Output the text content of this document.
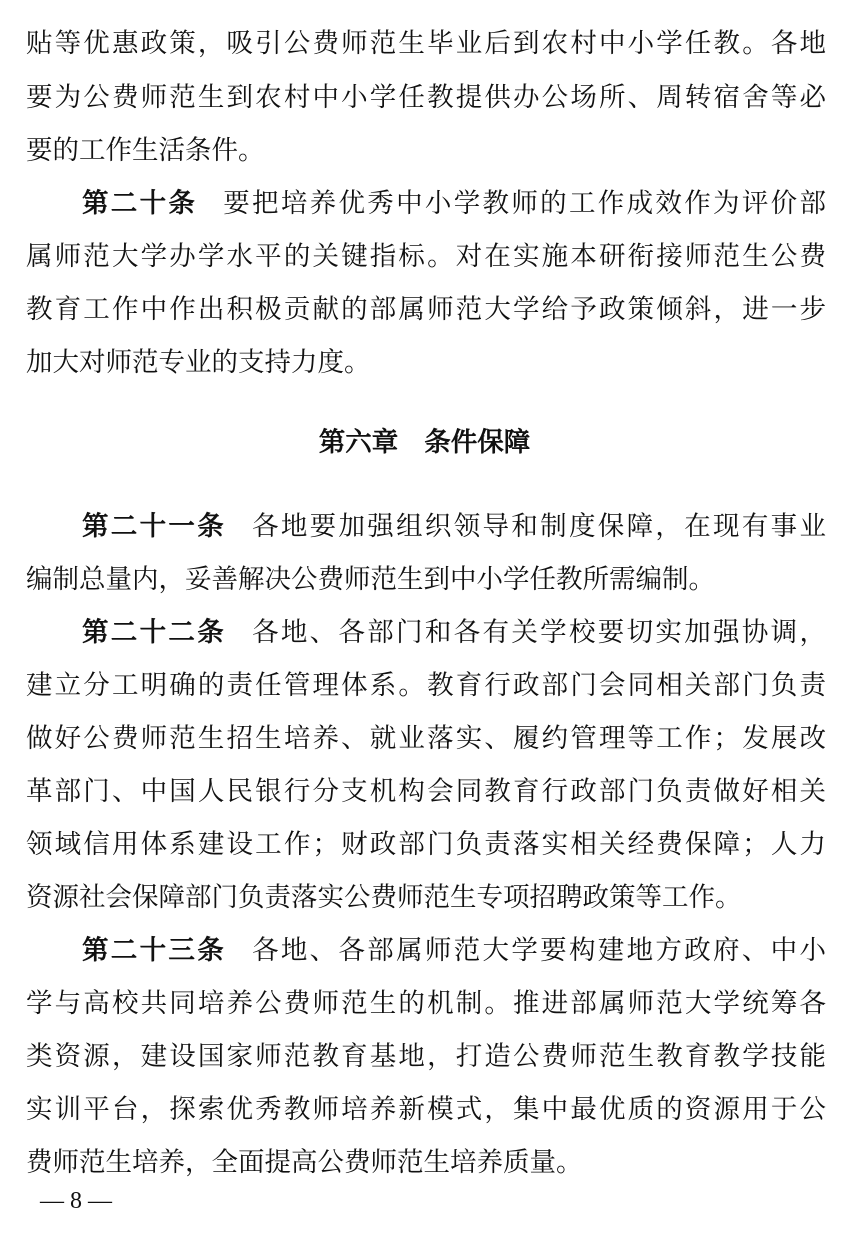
贴等优惠政策，吸引公费师范生毕业后到农村中小学任教。各地
要为公费师范生到农村中小学任教提供办公场所、周转宿舍等必
要的工作生活条件。
第二十条 要把培养优秀中小学教师的工作成效作为评价部
属师范大学办学水平的关键指标。对在实施本研衔接师范生公费
教育工作中作出积极贡献的部属师范大学给予政策倾斜，进一步
加大对师范专业的支持力度。
第六章 条件保障
第二十一条 各地要加强组织领导和制度保障，在现有事业
编制总量内，妥善解决公费师范生到中小学任教所需编制。
第二十二条 各地、各部门和各有关学校要切实加强协调，
建立分工明确的责任管理体系。教育行政部门会同相关部门负责
做好公费师范生招生培养、就业落实、履约管理等工作；发展改
革部门、中国人民银行分支机构会同教育行政部门负责做好相关
领域信用体系建设工作；财政部门负责落实相关经费保障；人力
资源社会保障部门负责落实公费师范生专项招聘政策等工作。
第二十三条 各地、各部属师范大学要构建地方政府、中小
学与高校共同培养公费师范生的机制。推进部属师范大学统筹各
类资源，建设国家师范教育基地，打造公费师范生教育教学技能
实训平台，探索优秀教师培养新模式，集中最优质的资源用于公
费师范生培养，全面提高公费师范生培养质量。
— 8 —
